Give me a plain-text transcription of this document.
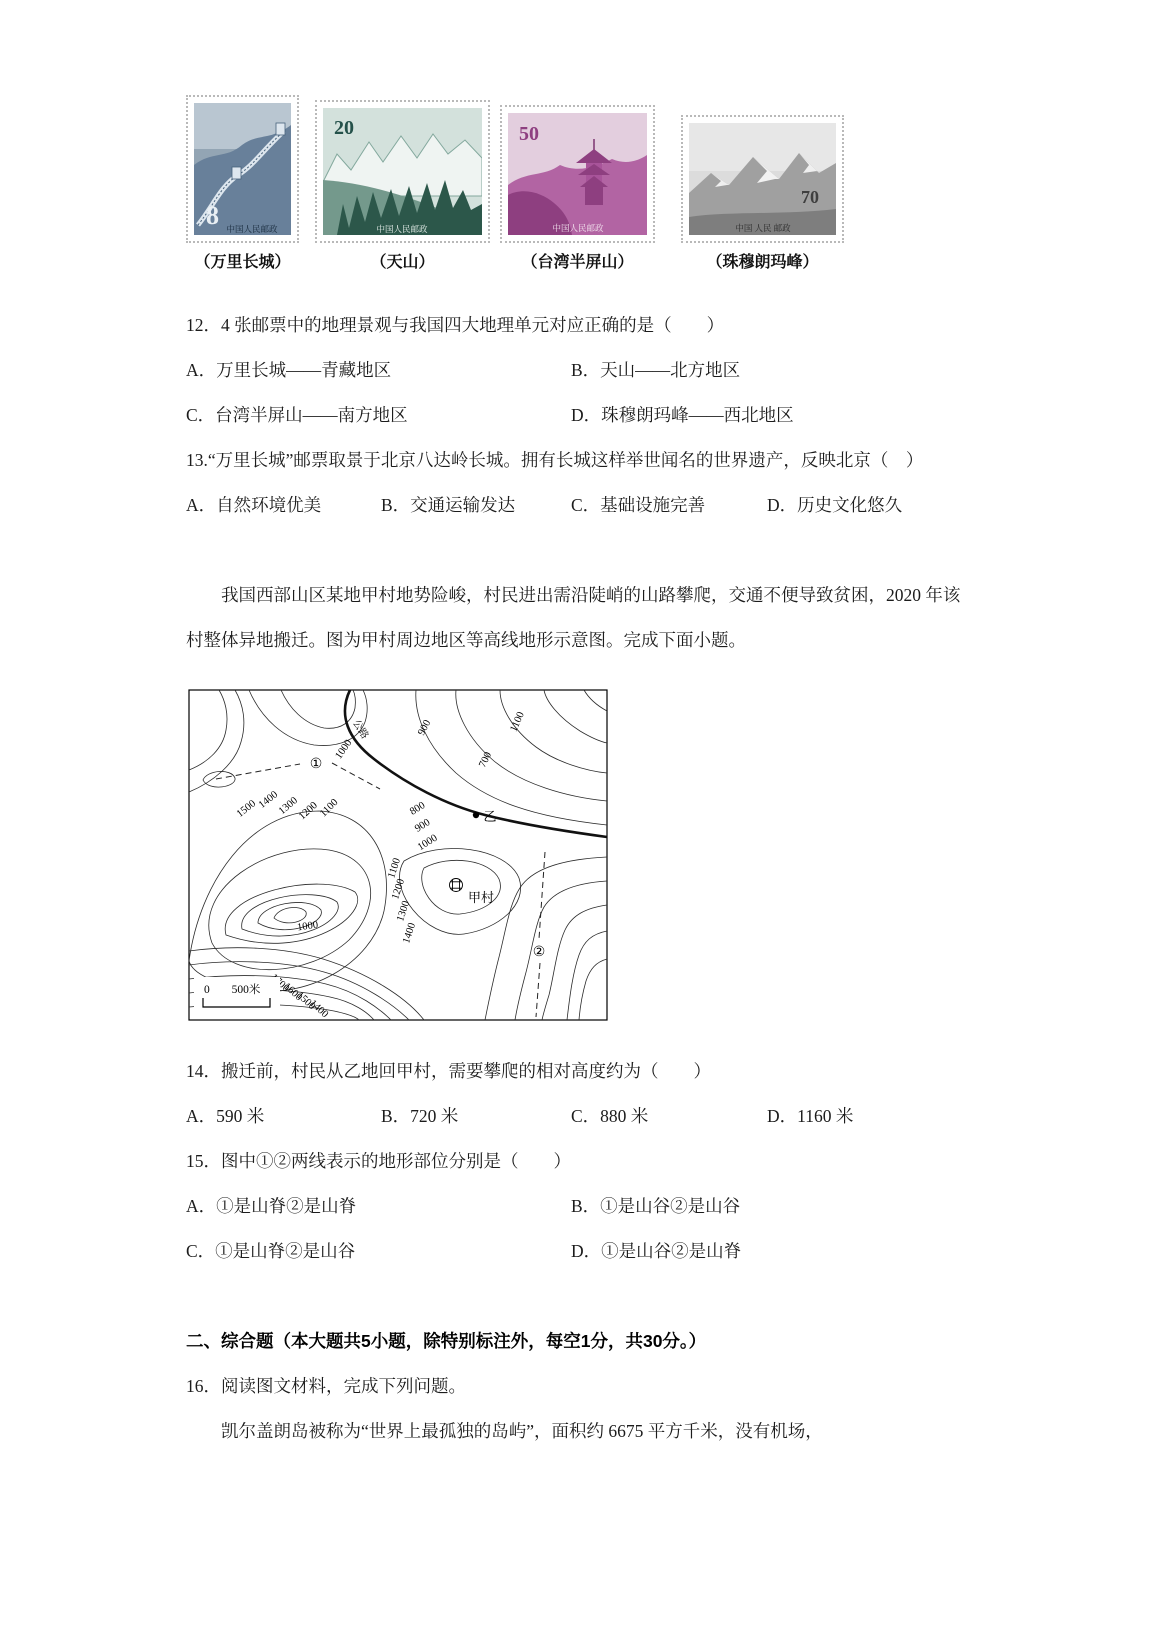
8 中国人民邮政
（万里长城）
20
中国人民邮政
（天山）
50
中国人民邮政
（台湾半屏山）
70
中国 人民 邮政
（珠穆朗玛峰）
12．4 张邮票中的地理景观与我国四大地理单元对应正确的是（　　）
A．万里长城——青藏地区	B．天山——北方地区
C．台湾半屏山——南方地区	D．珠穆朗玛峰——西北地区
13.“万里长城”邮票取景于北京八达岭长城。拥有长城这样举世闻名的世界遗产，反映北京（　）
A．自然环境优美	B．交通运输发达	C．基础设施完善	D．历史文化悠久
我国西部山区某地甲村地势险峻，村民进出需沿陡峭的山路攀爬，交通不便导致贫困，2020 年该村整体异地搬迁。图为甲村周边地区等高线地形示意图。完成下面小题。
1000
900	1100
700
1500
1400
1300
1200
1100	800
900
1000
1100
1200
1300
1400
1000
1600
1500
1400
公路
①
乙
甲村
②
0 500米
14．搬迁前，村民从乙地回甲村，需要攀爬的相对高度约为（　　）
A．590 米	B．720 米	C．880 米	D．1160 米
15．图中①②两线表示的地形部位分别是（　　）
A．①是山脊②是山脊	B．①是山谷②是山谷
C．①是山脊②是山谷	D．①是山谷②是山脊
二、综合题（本大题共5小题，除特别标注外，每空1分，共30分。）
16．阅读图文材料，完成下列问题。
凯尔盖朗岛被称为“世界上最孤独的岛屿”，面积约 6675 平方千米，没有机场，
